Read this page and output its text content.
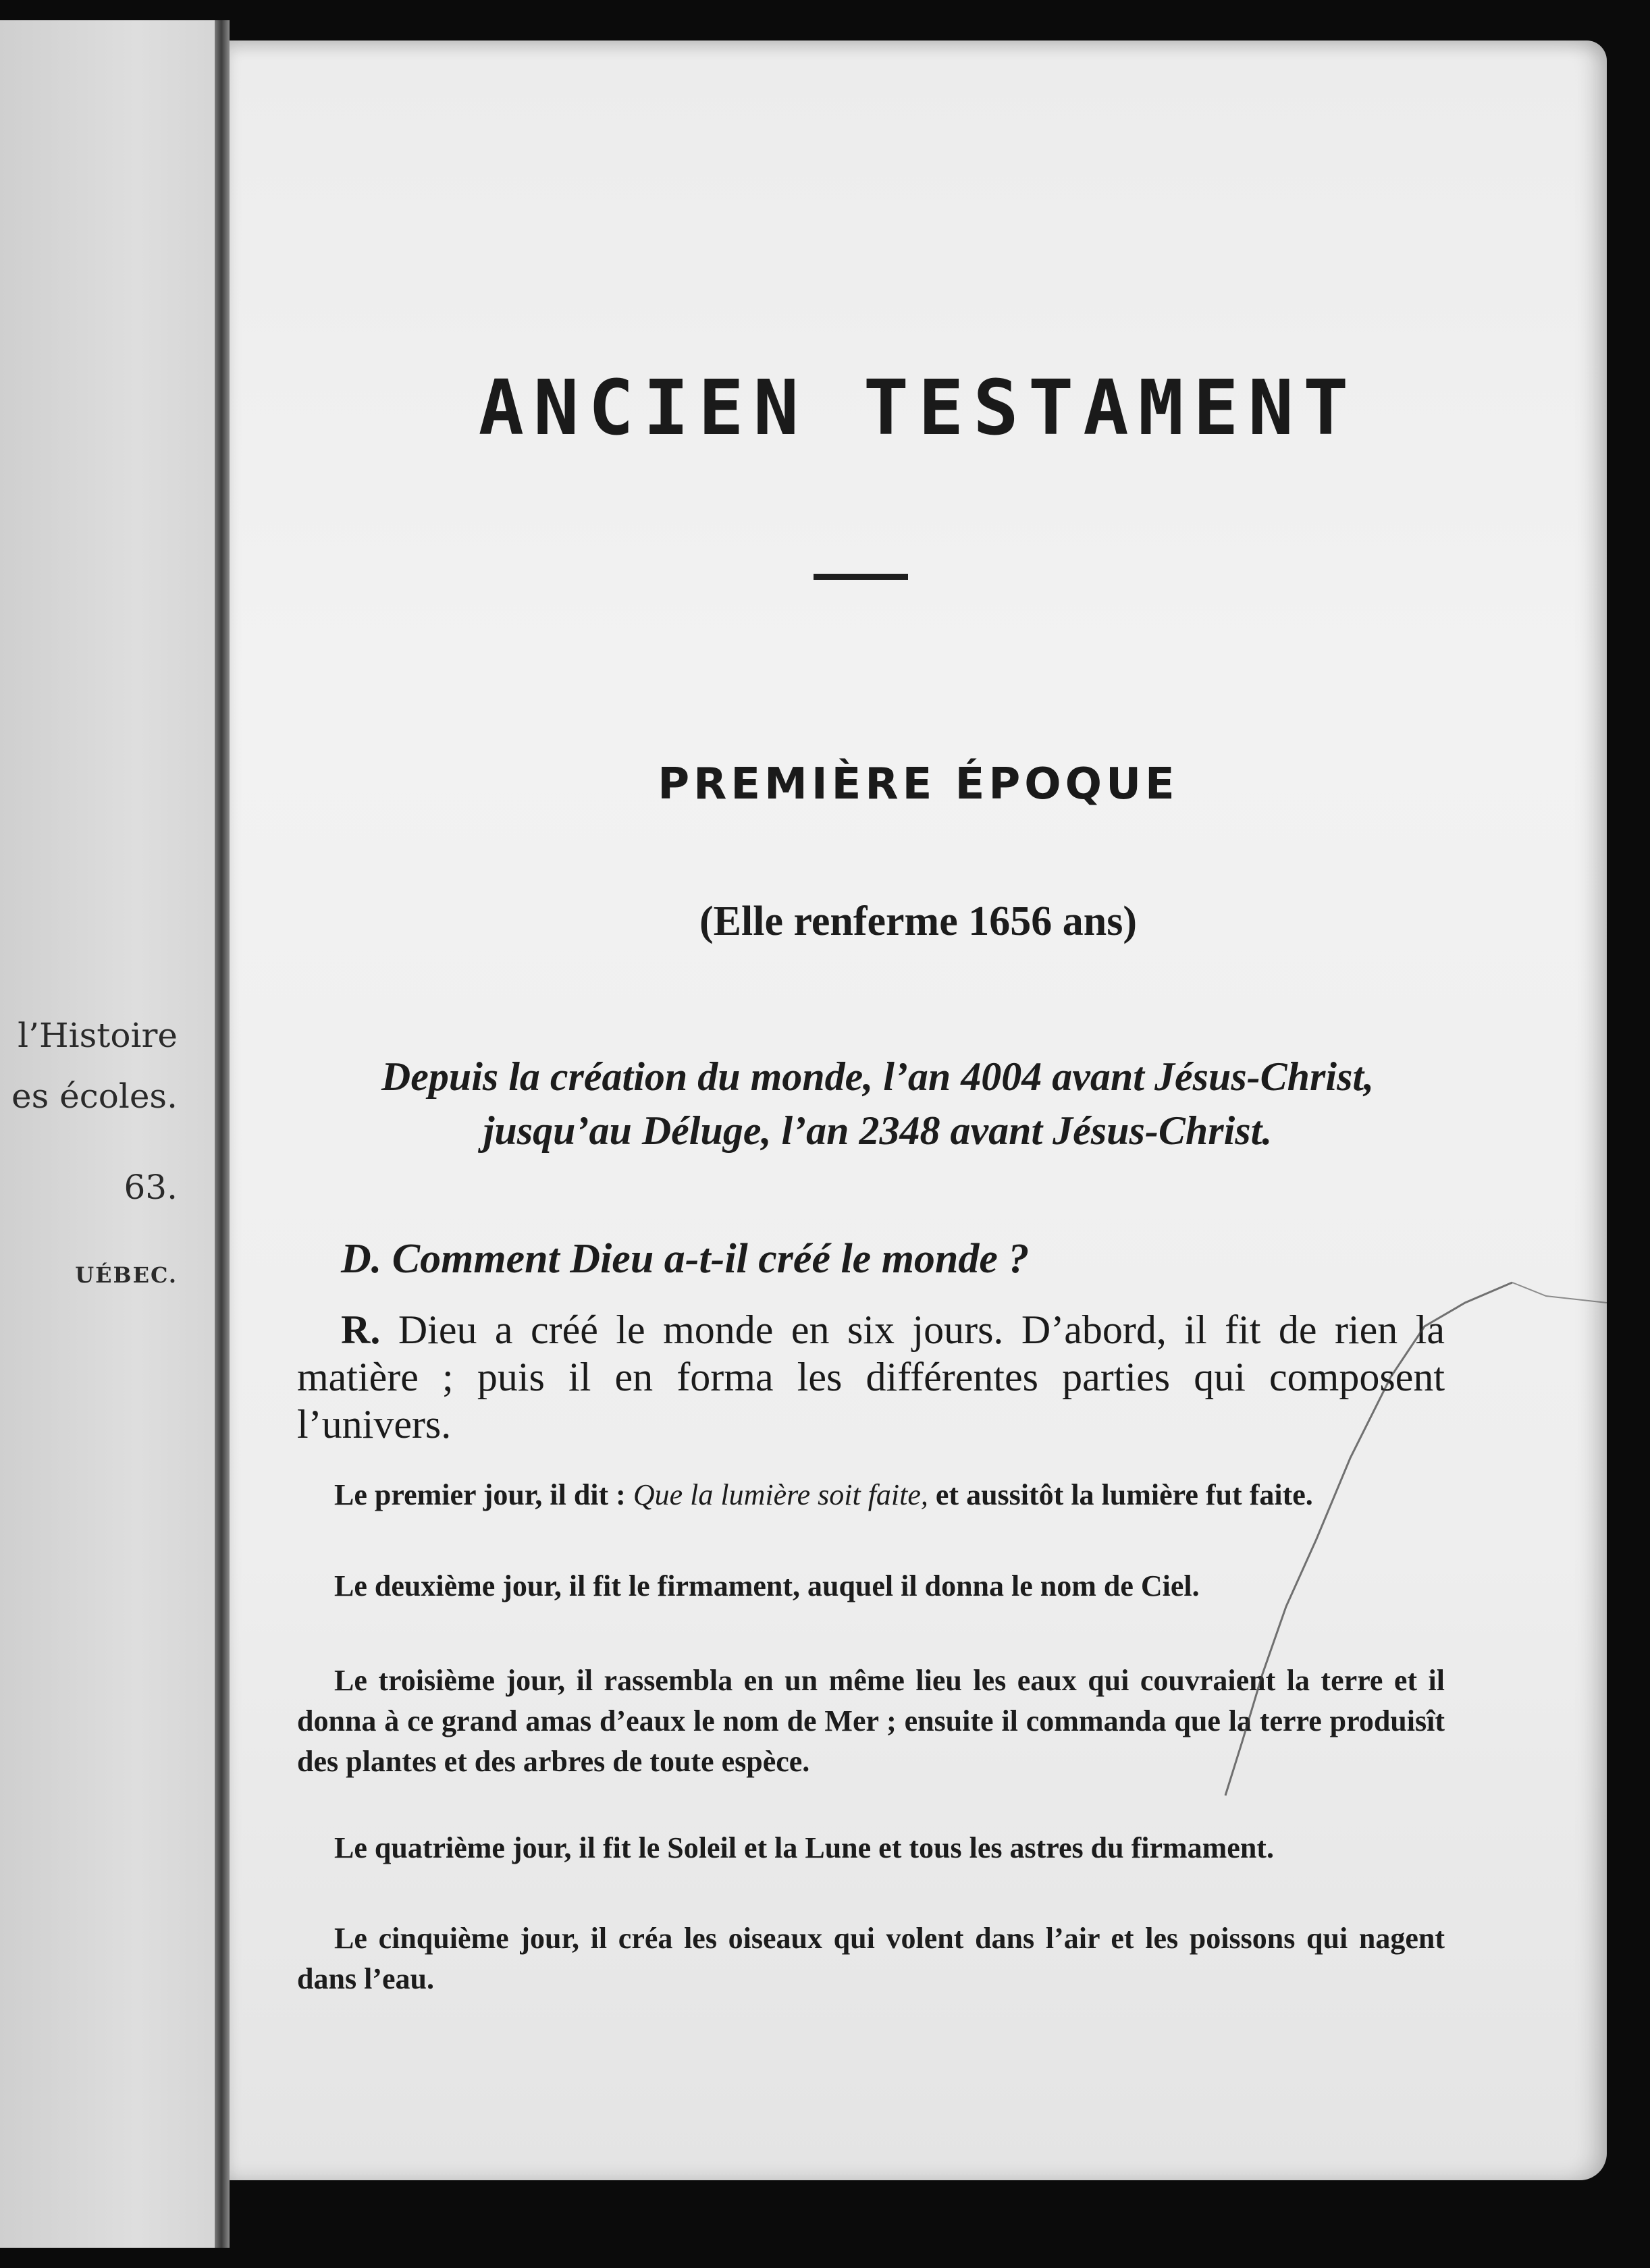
l’Histoire
es écoles.
63.
UÉBEC.
ANCIEN TESTAMENT
PREMIÈRE ÉPOQUE
(Elle renferme 1656 ans)
Depuis la création du monde, l’an 4004 avant Jésus-Christ,
jusqu’au Déluge, l’an 2348 avant Jésus-Christ.
D. Comment Dieu a-t-il créé le monde ?
R. Dieu a créé le monde en six jours. D’abord, il fit de rien la matière ; puis il en forma les différentes parties qui composent l’univers.
Le premier jour, il dit : Que la lumière soit faite, et aussitôt la lumière fut faite.
Le deuxième jour, il fit le firmament, auquel il donna le nom de Ciel.
Le troisième jour, il rassembla en un même lieu les eaux qui couvraient la terre et il donna à ce grand amas d’eaux le nom de Mer ; ensuite il commanda que la terre produisît des plantes et des arbres de toute espèce.
Le quatrième jour, il fit le Soleil et la Lune et tous les astres du firmament.
Le cinquième jour, il créa les oiseaux qui volent dans l’air et les poissons qui nagent dans l’eau.
